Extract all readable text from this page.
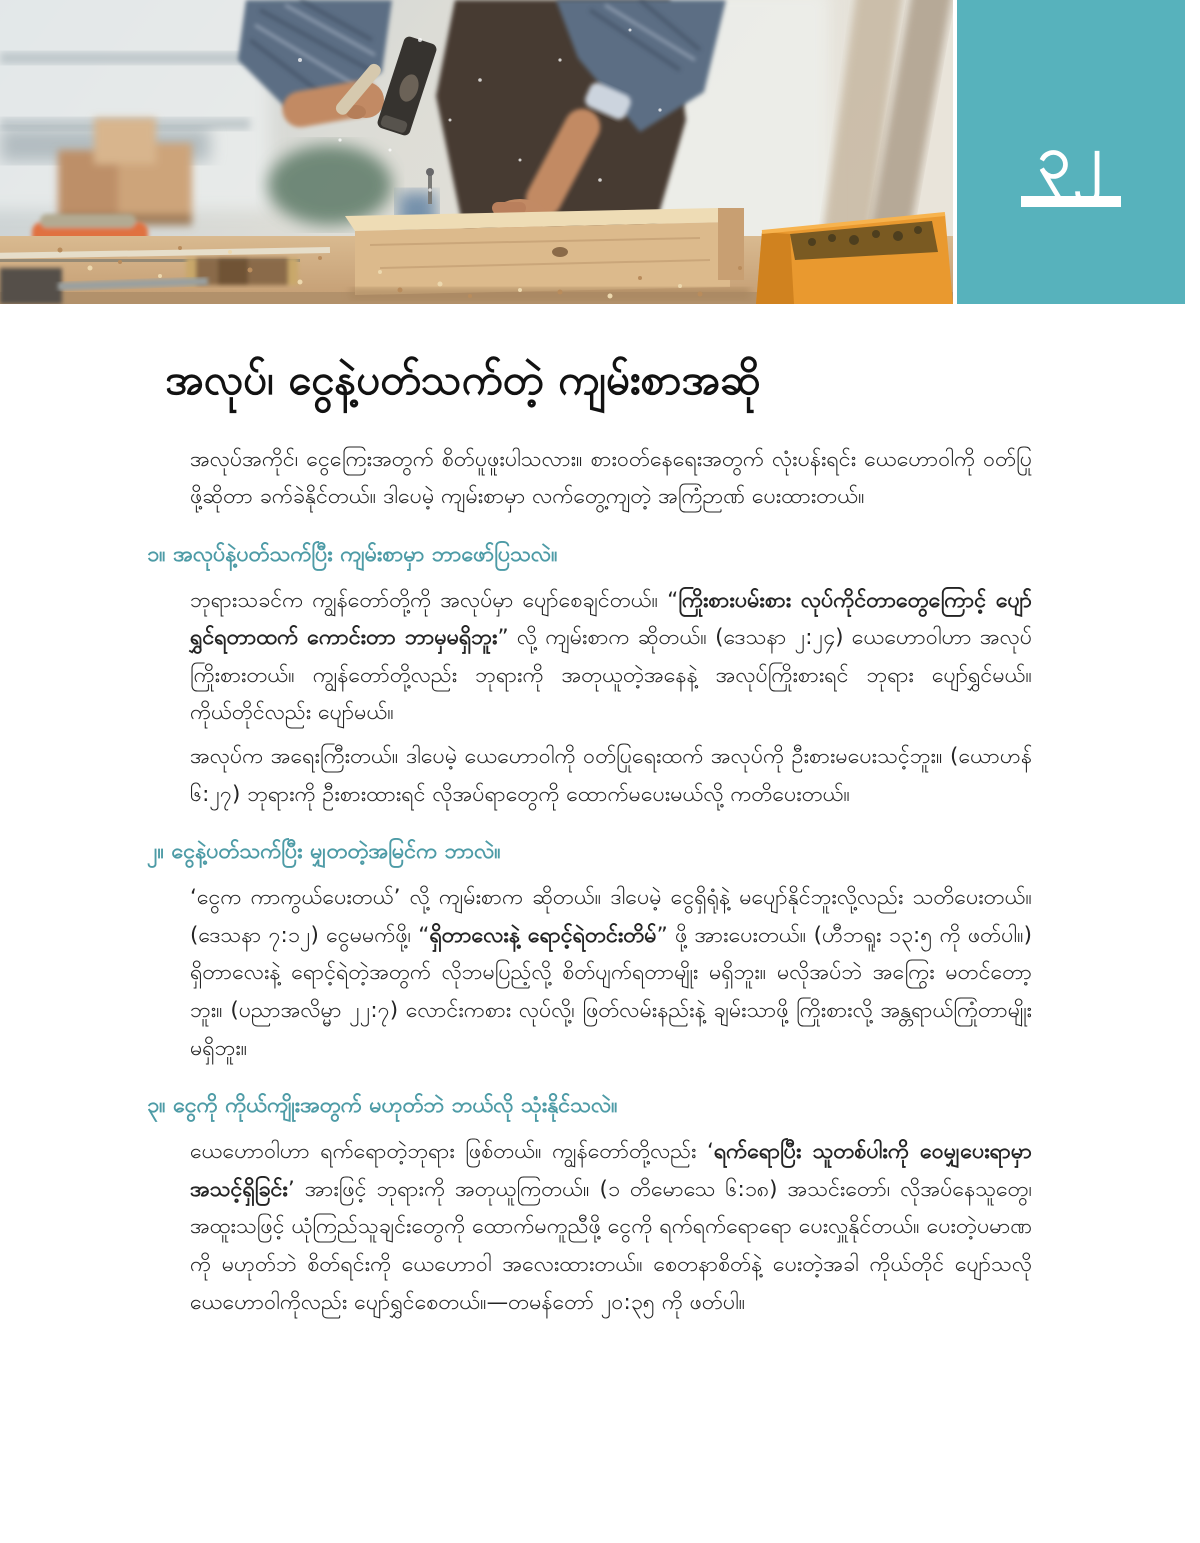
၃၂
အလုပ်၊ ငွေနဲ့ပတ်သက်တဲ့ ကျမ်းစာအဆို

အလုပ်အကိုင်၊ ငွေကြေးအတွက် စိတ်ပူဖူးပါသလား။ စားဝတ်နေရေးအတွက် လုံးပန်းရင်း ယေဟောဝါကို ဝတ်ပြုဖို့ဆိုတာ ခက်ခဲနိုင်တယ်။ ဒါပေမဲ့ ကျမ်းစာမှာ လက်တွေ့ကျတဲ့ အကြံဉာဏ် ပေးထားတယ်။

၁။ အလုပ်နဲ့ပတ်သက်ပြီး ကျမ်းစာမှာ ဘာဖော်ပြသလဲ။

ဘုရားသခင်က ကျွန်တော်တို့ကို အလုပ်မှာ ပျော်စေချင်တယ်။ “ကြိုးစားပမ်းစား လုပ်ကိုင်တာတွေကြောင့် ပျော်ရွှင်ရတာထက် ကောင်းတာ ဘာမှမရှိဘူး” လို့ ကျမ်းစာက ဆိုတယ်။ (ဒေသနာ ၂:၂၄) ယေဟောဝါဟာ အလုပ်ကြိုးစားတယ်။ ကျွန်တော်တို့လည်း ဘုရားကို အတုယူတဲ့အနေနဲ့ အလုပ်ကြိုးစားရင် ဘုရား ပျော်ရွှင်မယ်။ ကိုယ်တိုင်လည်း ပျော်မယ်။

အလုပ်က အရေးကြီးတယ်။ ဒါပေမဲ့ ယေဟောဝါကို ဝတ်ပြုရေးထက် အလုပ်ကို ဦးစားမပေးသင့်ဘူး။ (ယောဟန် ၆:၂၇) ဘုရားကို ဦးစားထားရင် လိုအပ်ရာတွေကို ထောက်မပေးမယ်လို့ ကတိပေးတယ်။

၂။ ငွေနဲ့ပတ်သက်ပြီး မျှတတဲ့အမြင်က ဘာလဲ။

‘ငွေက ကာကွယ်ပေးတယ်’ လို့ ကျမ်းစာက ဆိုတယ်။ ဒါပေမဲ့ ငွေရှိရုံနဲ့ မပျော်နိုင်ဘူးလို့လည်း သတိပေးတယ်။ (ဒေသနာ ၇:၁၂) ငွေမမက်ဖို့၊ “ရှိတာလေးနဲ့ ရောင့်ရဲတင်းတိမ်” ဖို့ အားပေးတယ်။ (ဟီဘရူး ၁၃:၅ ကို ဖတ်ပါ။) ရှိတာလေးနဲ့ ရောင့်ရဲတဲ့အတွက် လိုဘမပြည့်လို့ စိတ်ပျက်ရတာမျိုး မရှိဘူး။ မလိုအပ်ဘဲ အကြွေး မတင်တော့ဘူး။ (ပညာအလိမ္မာ ၂၂:၇) လောင်းကစား လုပ်လို့၊ ဖြတ်လမ်းနည်းနဲ့ ချမ်းသာဖို့ ကြိုးစားလို့ အန္တရာယ်ကြုံတာမျိုး မရှိဘူး။

၃။ ငွေကို ကိုယ်ကျိုးအတွက် မဟုတ်ဘဲ ဘယ်လို သုံးနိုင်သလဲ။

ယေဟောဝါဟာ ရက်ရောတဲ့ဘုရား ဖြစ်တယ်။ ကျွန်တော်တို့လည်း ‘ရက်ရောပြီး သူတစ်ပါးကို ဝေမျှပေးရာမှာ အသင့်ရှိခြင်း’ အားဖြင့် ဘုရားကို အတုယူကြတယ်။ (၁ တိမောသေ ၆:၁၈) အသင်းတော်၊ လိုအပ်နေသူတွေ၊ အထူးသဖြင့် ယုံကြည်သူချင်းတွေကို ထောက်မကူညီဖို့ ငွေကို ရက်ရက်ရောရော ပေးလှူနိုင်တယ်။ ပေးတဲ့ပမာဏကို မဟုတ်ဘဲ စိတ်ရင်းကို ယေဟောဝါ အလေးထားတယ်။ စေတနာစိတ်နဲ့ ပေးတဲ့အခါ ကိုယ်တိုင် ပျော်သလို ယေဟောဝါကိုလည်း ပျော်ရွှင်စေတယ်။—တမန်တော် ၂၀:၃၅ ကို ဖတ်ပါ။
